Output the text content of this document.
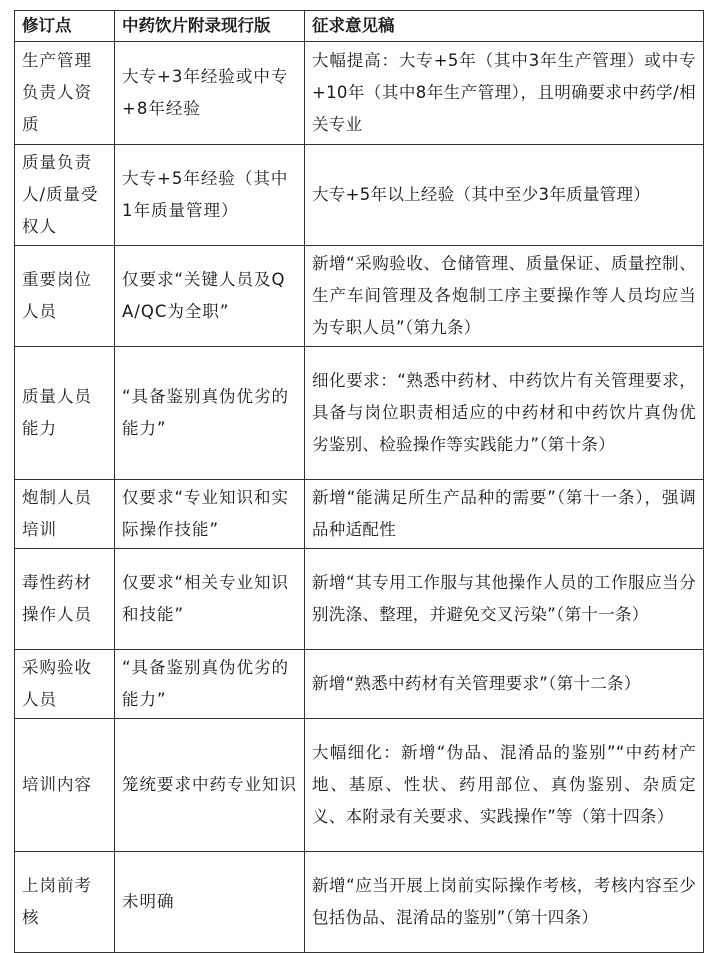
修订点	中药饮片附录现行版	征求意见稿
生产管理负责人资质	大专+3年经验或中专+8年经验	大幅提高：大专+5年（其中3年生产管理）或中专+10年（其中8年生产管理），且明确要求中药学/相关专业
质量负责人/质量受权人	大专+5年经验（其中1年质量管理）	大专+5年以上经验（其中至少3年质量管理）
重要岗位人员	仅要求“关键人员及QA/QC为全职”	新增“采购验收、仓储管理、质量保证、质量控制、生产车间管理及各炮制工序主要操作等人员均应当为专职人员”（第九条）
质量人员能力	“具备鉴别真伪优劣的能力”	细化要求：“熟悉中药材、中药饮片有关管理要求，具备与岗位职责相适应的中药材和中药饮片真伪优劣鉴别、检验操作等实践能力”（第十条）
炮制人员培训	仅要求“专业知识和实际操作技能”	新增“能满足所生产品种的需要”（第十一条），强调品种适配性
毒性药材操作人员	仅要求“相关专业知识和技能”	新增“其专用工作服与其他操作人员的工作服应当分别洗涤、整理，并避免交叉污染”（第十一条）
采购验收人员	“具备鉴别真伪优劣的能力”	新增“熟悉中药材有关管理要求”（第十二条）
培训内容	笼统要求中药专业知识	大幅细化：新增“伪品、混淆品的鉴别”“中药材产地、基原、性状、药用部位、真伪鉴别、杂质定义、本附录有关要求、实践操作”等（第十四条）
上岗前考核	未明确	新增“应当开展上岗前实际操作考核，考核内容至少包括伪品、混淆品的鉴别”（第十四条）
